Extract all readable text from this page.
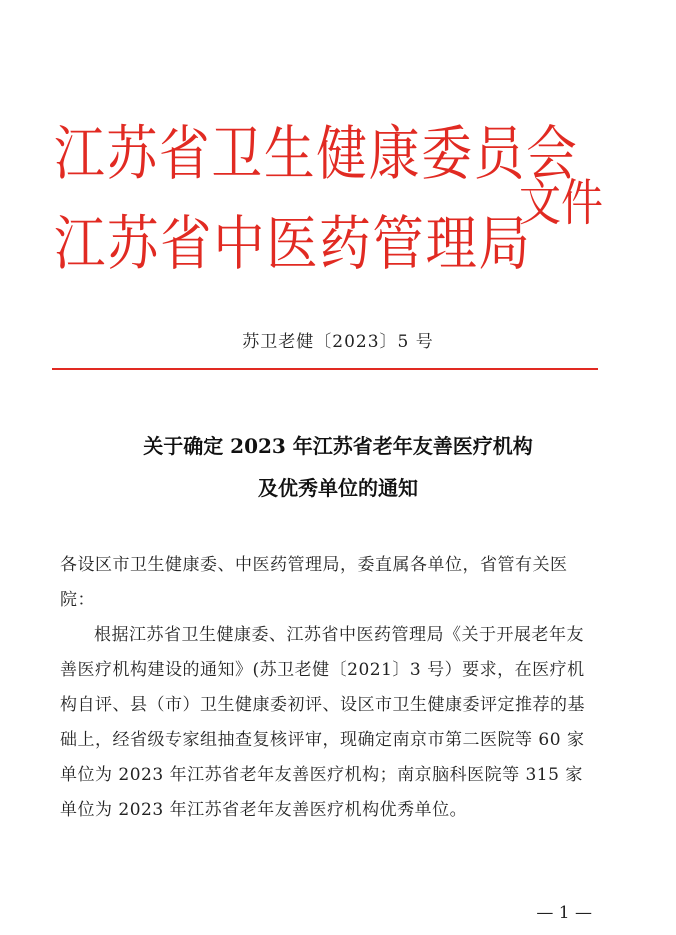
江苏省卫生健康委员会
江苏省中医药管理局
文件
苏卫老健〔2023〕5 号
关于确定 2023 年江苏省老年友善医疗机构
及优秀单位的通知

各设区市卫生健康委、中医药管理局，委直属各单位，省管有关医院：

根据江苏省卫生健康委、江苏省中医药管理局《关于开展老年友善医疗机构建设的通知》(苏卫老健〔2021〕3 号）要求，在医疗机构自评、县（市）卫生健康委初评、设区市卫生健康委评定推荐的基础上，经省级专家组抽查复核评审，现确定南京市第二医院等 60 家单位为 2023 年江苏省老年友善医疗机构；南京脑科医院等 315 家单位为 2023 年江苏省老年友善医疗机构优秀单位。

— 1 —
